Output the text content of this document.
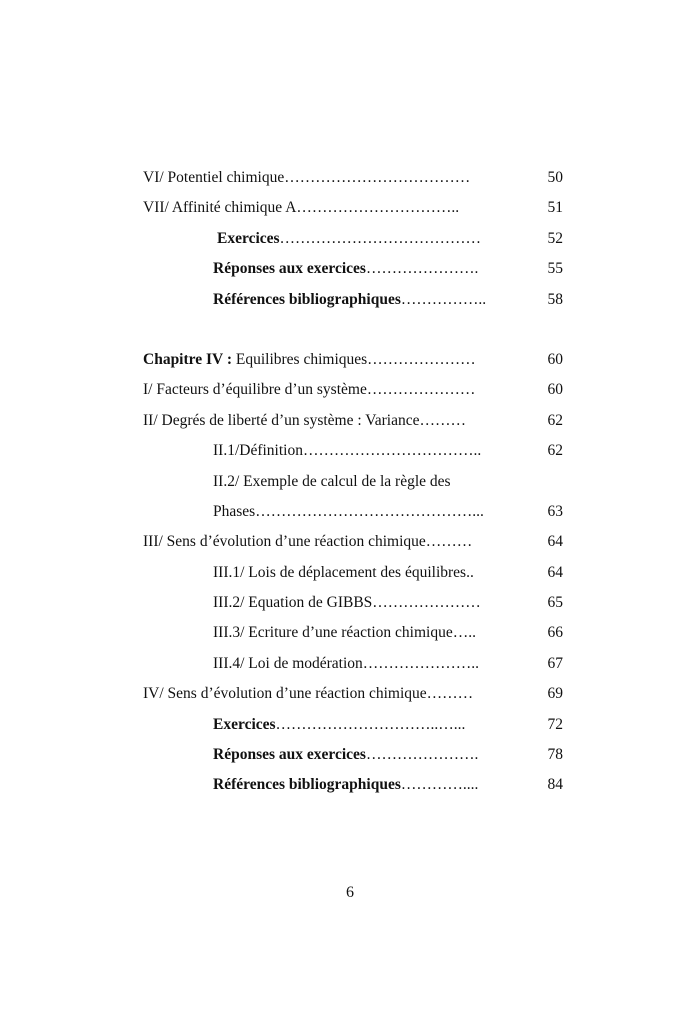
VI/ Potentiel chimique………………………………	50
VII/ Affinité chimique A…………………………..	51
Exercices…………………………………	52
Réponses aux exercices………………….	55
Références bibliographiques……………..	58
Chapitre IV : Equilibres chimiques…………………	60
I/ Facteurs d’équilibre d’un système…………………	60
II/ Degrés de liberté d’un système : Variance………	62
II.1/Définition……………………………..	62
II.2/ Exemple de calcul de la règle des
Phases……………………………………...	63
III/ Sens d’évolution d’une réaction chimique………	64
III.1/ Lois de déplacement des équilibres..	64
III.2/ Equation de GIBBS…………………	65
III.3/ Ecriture d’une réaction chimique…..	66
III.4/ Loi de modération…………………..	67
IV/ Sens d’évolution d’une réaction chimique………	69
Exercices…………………………..…...	72
Réponses aux exercices………………….	78
Références bibliographiques…………....	84
6
